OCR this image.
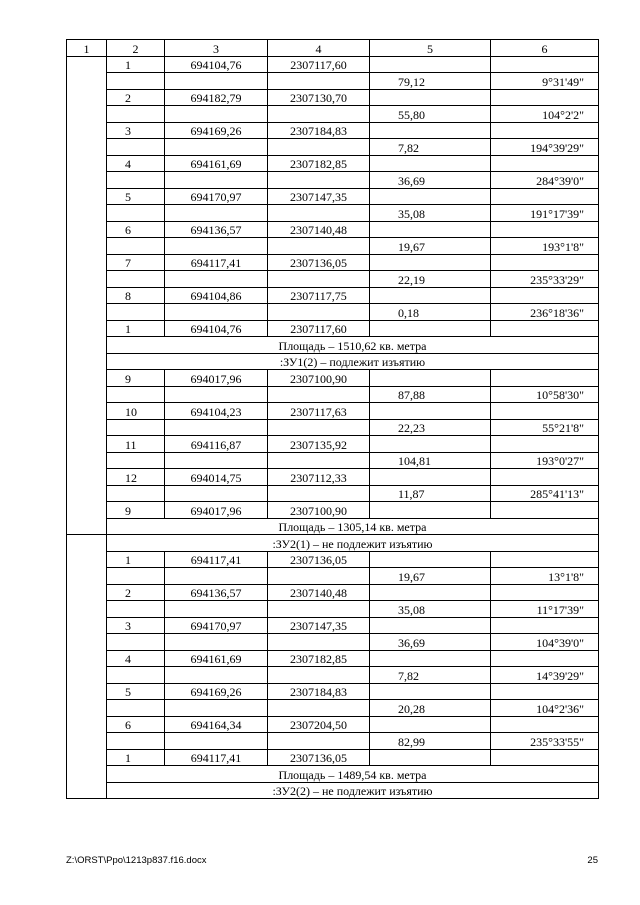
1	2	3	4	5	6
	1	694104,76	2307117,60		
				79,12	9°31'49"
	2	694182,79	2307130,70		
				55,80	104°2'2"
	3	694169,26	2307184,83		
				7,82	194°39'29"
	4	694161,69	2307182,85		
				36,69	284°39'0"
	5	694170,97	2307147,35		
				35,08	191°17'39"
	6	694136,57	2307140,48		
				19,67	193°1'8"
	7	694117,41	2307136,05		
				22,19	235°33'29"
	8	694104,86	2307117,75		
				0,18	236°18'36"
	1	694104,76	2307117,60		
	Площадь – 1510,62 кв. метра				
	:ЗУ1(2) – подлежит изъятию				
	9	694017,96	2307100,90		
				87,88	10°58'30"
	10	694104,23	2307117,63		
				22,23	55°21'8"
	11	694116,87	2307135,92		
				104,81	193°0'27"
	12	694014,75	2307112,33		
				11,87	285°41'13"
	9	694017,96	2307100,90		
	Площадь – 1305,14 кв. метра				
	:ЗУ2(1) – не подлежит изъятию				
	1	694117,41	2307136,05		
				19,67	13°1'8"
	2	694136,57	2307140,48		
				35,08	11°17'39"
	3	694170,97	2307147,35		
				36,69	104°39'0"
	4	694161,69	2307182,85		
				7,82	14°39'29"
	5	694169,26	2307184,83		
				20,28	104°2'36"
	6	694164,34	2307204,50		
				82,99	235°33'55"
	1	694117,41	2307136,05		
	Площадь – 1489,54 кв. метра				
	:ЗУ2(2) – не подлежит изъятию				
Z:\ORST\Ppo\1213p837.f16.docx	25
